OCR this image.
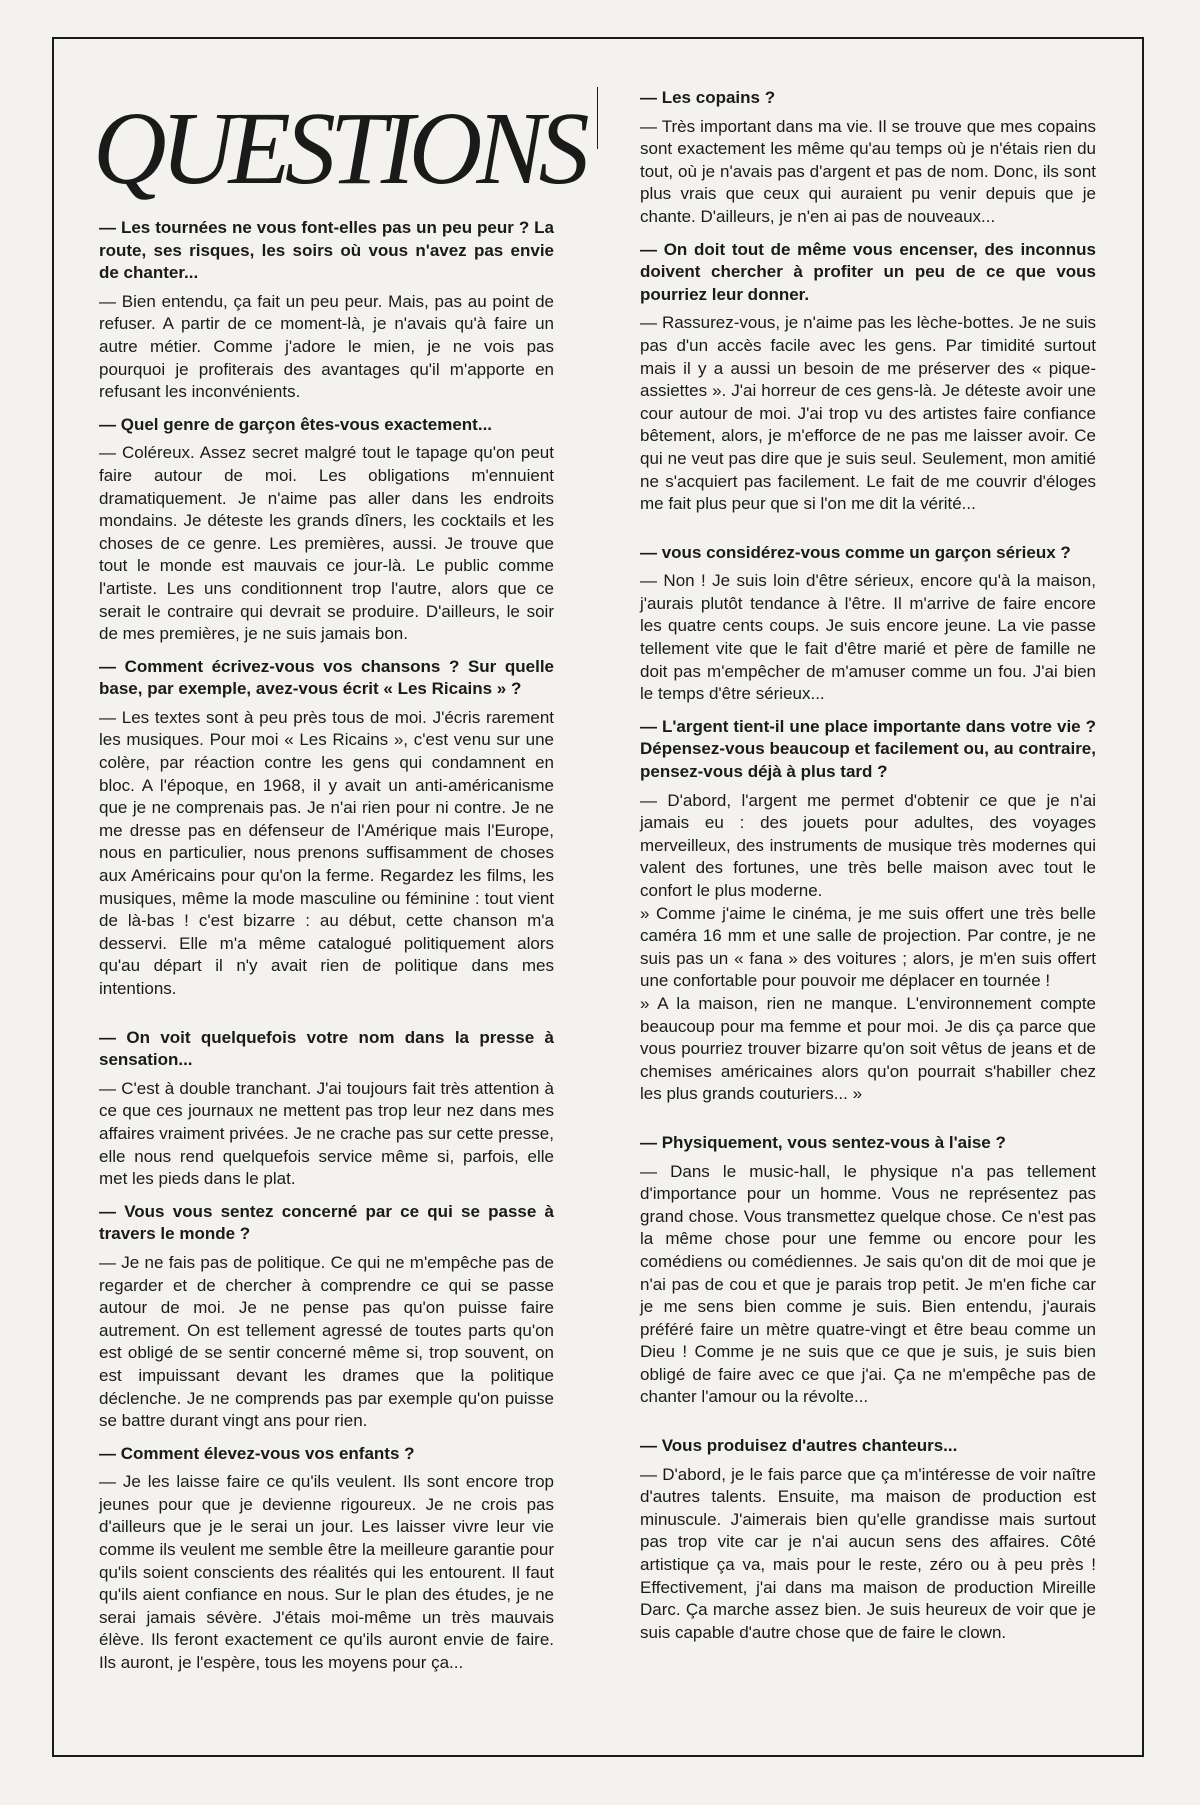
QUESTIONS

— Les tournées ne vous font-elles pas un peu peur ? La route, ses risques, les soirs où vous n'avez pas envie de chanter...

— Bien entendu, ça fait un peu peur. Mais, pas au point de refuser. A partir de ce moment-là, je n'avais qu'à faire un autre métier. Comme j'adore le mien, je ne vois pas pourquoi je profiterais des avantages qu'il m'apporte en refusant les inconvénients.

— Quel genre de garçon êtes-vous exactement...

— Coléreux. Assez secret malgré tout le tapage qu'on peut faire autour de moi. Les obligations m'ennuient dramatiquement. Je n'aime pas aller dans les endroits mondains. Je déteste les grands dîners, les cocktails et les choses de ce genre. Les premières, aussi. Je trouve que tout le monde est mauvais ce jour-là. Le public comme l'artiste. Les uns conditionnent trop l'autre, alors que ce serait le contraire qui devrait se produire. D'ailleurs, le soir de mes premières, je ne suis jamais bon.

— Comment écrivez-vous vos chansons ? Sur quelle base, par exemple, avez-vous écrit « Les Ricains » ?

— Les textes sont à peu près tous de moi. J'écris rarement les musiques. Pour moi « Les Ricains », c'est venu sur une colère, par réaction contre les gens qui condamnent en bloc. A l'époque, en 1968, il y avait un anti-américanisme que je ne comprenais pas. Je n'ai rien pour ni contre. Je ne me dresse pas en défenseur de l'Amérique mais l'Europe, nous en particulier, nous prenons suffisamment de choses aux Américains pour qu'on la ferme. Regardez les films, les musiques, même la mode masculine ou féminine : tout vient de là-bas ! c'est bizarre : au début, cette chanson m'a desservi. Elle m'a même catalogué politiquement alors qu'au départ il n'y avait rien de politique dans mes intentions.

— On voit quelquefois votre nom dans la presse à sensation...

— C'est à double tranchant. J'ai toujours fait très attention à ce que ces journaux ne mettent pas trop leur nez dans mes affaires vraiment privées. Je ne crache pas sur cette presse, elle nous rend quelquefois service même si, parfois, elle met les pieds dans le plat.

— Vous vous sentez concerné par ce qui se passe à travers le monde ?

— Je ne fais pas de politique. Ce qui ne m'empêche pas de regarder et de chercher à comprendre ce qui se passe autour de moi. Je ne pense pas qu'on puisse faire autrement. On est tellement agressé de toutes parts qu'on est obligé de se sentir concerné même si, trop souvent, on est impuissant devant les drames que la politique déclenche. Je ne comprends pas par exemple qu'on puisse se battre durant vingt ans pour rien.

— Comment élevez-vous vos enfants ?

— Je les laisse faire ce qu'ils veulent. Ils sont encore trop jeunes pour que je devienne rigoureux. Je ne crois pas d'ailleurs que je le serai un jour. Les laisser vivre leur vie comme ils veulent me semble être la meilleure garantie pour qu'ils soient conscients des réalités qui les entourent. Il faut qu'ils aient confiance en nous. Sur le plan des études, je ne serai jamais sévère. J'étais moi-même un très mauvais élève. Ils feront exactement ce qu'ils auront envie de faire. Ils auront, je l'espère, tous les moyens pour ça...

— Les copains ?

— Très important dans ma vie. Il se trouve que mes copains sont exactement les même qu'au temps où je n'étais rien du tout, où je n'avais pas d'argent et pas de nom. Donc, ils sont plus vrais que ceux qui auraient pu venir depuis que je chante. D'ailleurs, je n'en ai pas de nouveaux...

— On doit tout de même vous encenser, des inconnus doivent chercher à profiter un peu de ce que vous pourriez leur donner.

— Rassurez-vous, je n'aime pas les lèche-bottes. Je ne suis pas d'un accès facile avec les gens. Par timidité surtout mais il y a aussi un besoin de me préserver des « pique-assiettes ». J'ai horreur de ces gens-là. Je déteste avoir une cour autour de moi. J'ai trop vu des artistes faire confiance bêtement, alors, je m'efforce de ne pas me laisser avoir. Ce qui ne veut pas dire que je suis seul. Seulement, mon amitié ne s'acquiert pas facilement. Le fait de me couvrir d'éloges me fait plus peur que si l'on me dit la vérité...

— vous considérez-vous comme un garçon sérieux ?

— Non ! Je suis loin d'être sérieux, encore qu'à la maison, j'aurais plutôt tendance à l'être. Il m'arrive de faire encore les quatre cents coups. Je suis encore jeune. La vie passe tellement vite que le fait d'être marié et père de famille ne doit pas m'empêcher de m'amuser comme un fou. J'ai bien le temps d'être sérieux...

— L'argent tient-il une place importante dans votre vie ? Dépensez-vous beaucoup et facilement ou, au contraire, pensez-vous déjà à plus tard ?

— D'abord, l'argent me permet d'obtenir ce que je n'ai jamais eu : des jouets pour adultes, des voyages merveilleux, des instruments de musique très modernes qui valent des fortunes, une très belle maison avec tout le confort le plus moderne.

» Comme j'aime le cinéma, je me suis offert une très belle caméra 16 mm et une salle de projection. Par contre, je ne suis pas un « fana » des voitures ; alors, je m'en suis offert une confortable pour pouvoir me déplacer en tournée !

» A la maison, rien ne manque. L'environnement compte beaucoup pour ma femme et pour moi. Je dis ça parce que vous pourriez trouver bizarre qu'on soit vêtus de jeans et de chemises américaines alors qu'on pourrait s'habiller chez les plus grands couturiers... »

— Physiquement, vous sentez-vous à l'aise ?

— Dans le music-hall, le physique n'a pas tellement d'importance pour un homme. Vous ne représentez pas grand chose. Vous transmettez quelque chose. Ce n'est pas la même chose pour une femme ou encore pour les comédiens ou comédiennes. Je sais qu'on dit de moi que je n'ai pas de cou et que je parais trop petit. Je m'en fiche car je me sens bien comme je suis. Bien entendu, j'aurais préféré faire un mètre quatre-vingt et être beau comme un Dieu ! Comme je ne suis que ce que je suis, je suis bien obligé de faire avec ce que j'ai. Ça ne m'empêche pas de chanter l'amour ou la révolte...

— Vous produisez d'autres chanteurs...

— D'abord, je le fais parce que ça m'intéresse de voir naître d'autres talents. Ensuite, ma maison de production est minuscule. J'aimerais bien qu'elle grandisse mais surtout pas trop vite car je n'ai aucun sens des affaires. Côté artistique ça va, mais pour le reste, zéro ou à peu près ! Effectivement, j'ai dans ma maison de production Mireille Darc. Ça marche assez bien. Je suis heureux de voir que je suis capable d'autre chose que de faire le clown.
